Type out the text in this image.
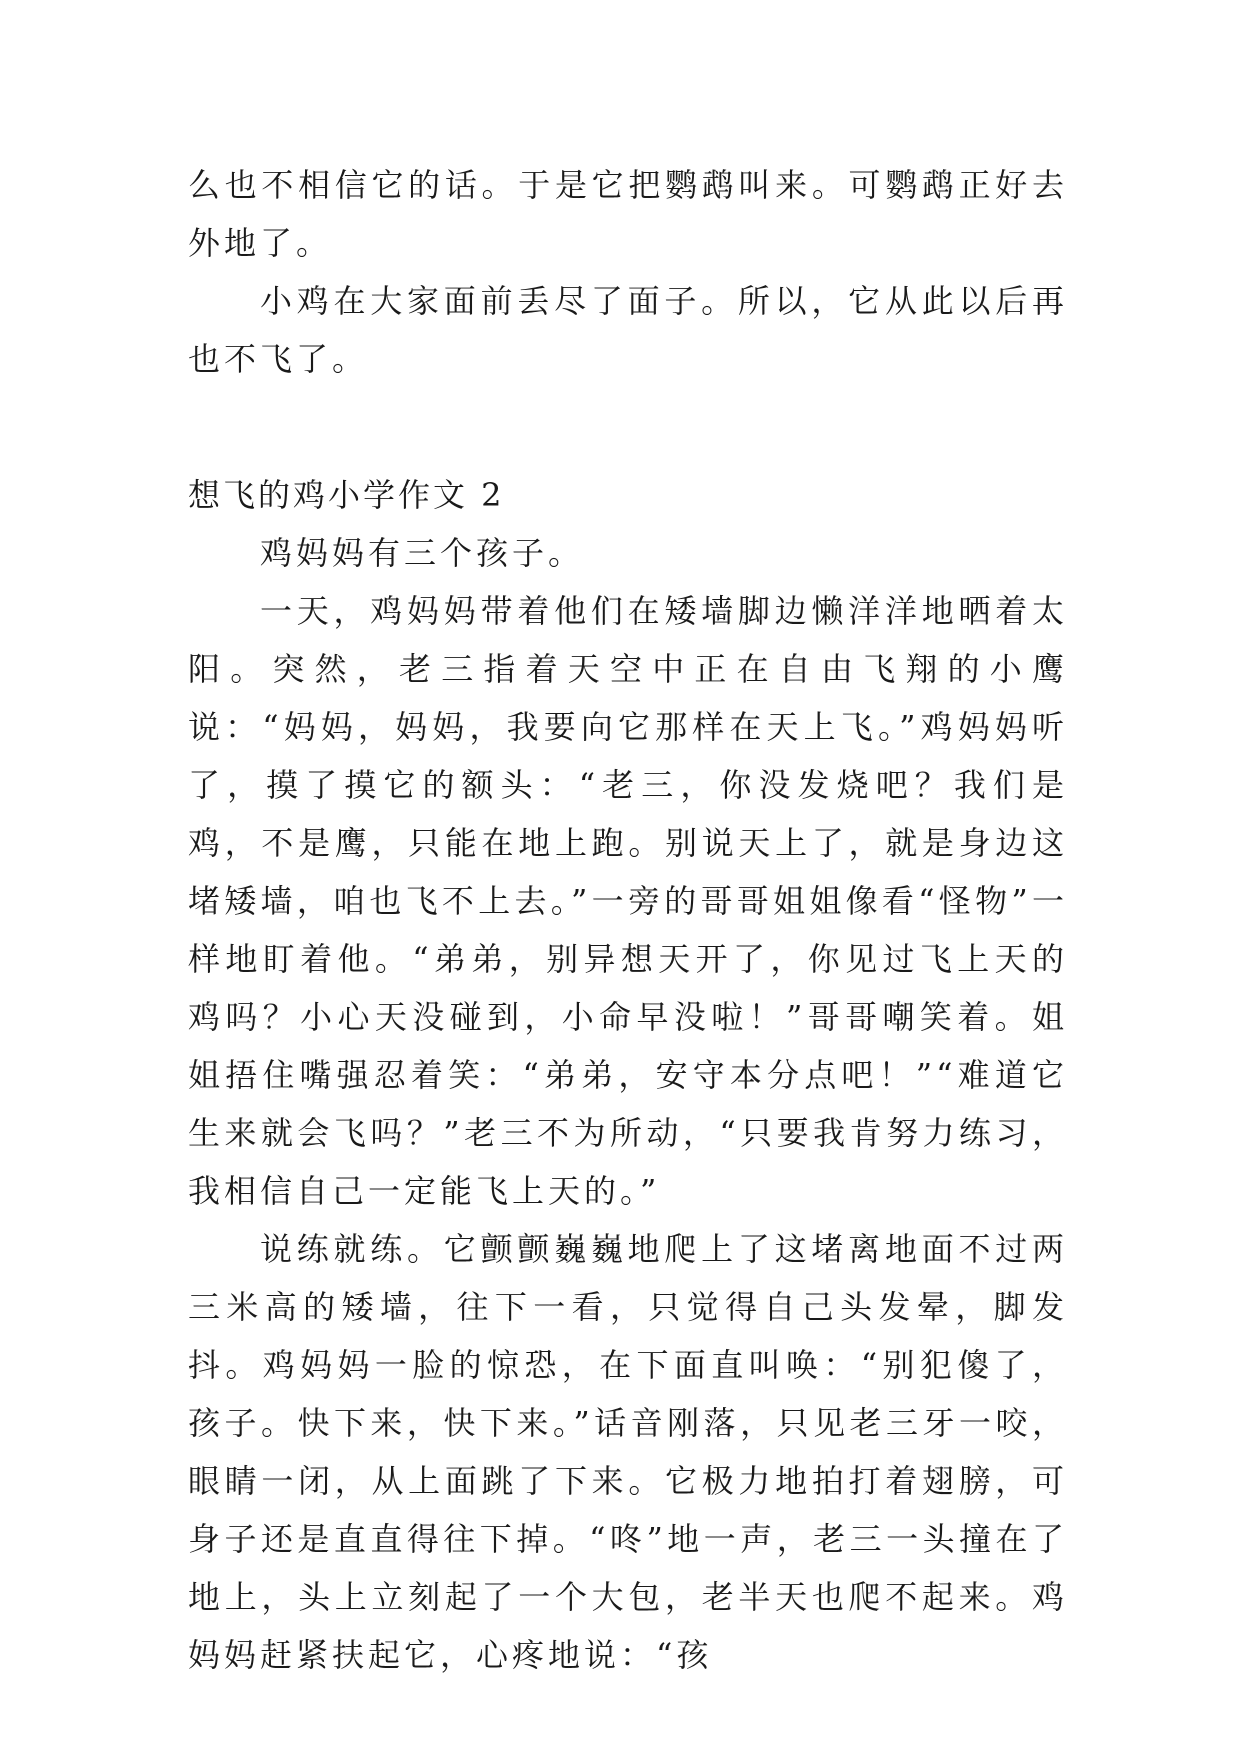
么也不相信它的话。于是它把鹦鹉叫来。可鹦鹉正好去外地了。

小鸡在大家面前丢尽了面子。所以，它从此以后再也不飞了。

想飞的鸡小学作文 2

鸡妈妈有三个孩子。

一天，鸡妈妈带着他们在矮墙脚边懒洋洋地晒着太阳。突然，老三指着天空中正在自由飞翔的小鹰说：“妈妈，妈妈，我要向它那样在天上飞。”鸡妈妈听了，摸了摸它的额头：“老三，你没发烧吧？我们是鸡，不是鹰，只能在地上跑。别说天上了，就是身边这堵矮墙，咱也飞不上去。”一旁的哥哥姐姐像看“怪物”一样地盯着他。“弟弟，别异想天开了，你见过飞上天的鸡吗？小心天没碰到，小命早没啦！”哥哥嘲笑着。姐姐捂住嘴强忍着笑：“弟弟，安守本分点吧！”“难道它生来就会飞吗？”老三不为所动，“只要我肯努力练习，我相信自己一定能飞上天的。”

说练就练。它颤颤巍巍地爬上了这堵离地面不过两三米高的矮墙，往下一看，只觉得自己头发晕，脚发抖。鸡妈妈一脸的惊恐，在下面直叫唤：“别犯傻了，孩子。快下来，快下来。”话音刚落，只见老三牙一咬，眼睛一闭，从上面跳了下来。它极力地拍打着翅膀，可身子还是直直得往下掉。“咚”地一声，老三一头撞在了地上，头上立刻起了一个大包，老半天也爬不起来。鸡妈妈赶紧扶起它，心疼地说：“孩
